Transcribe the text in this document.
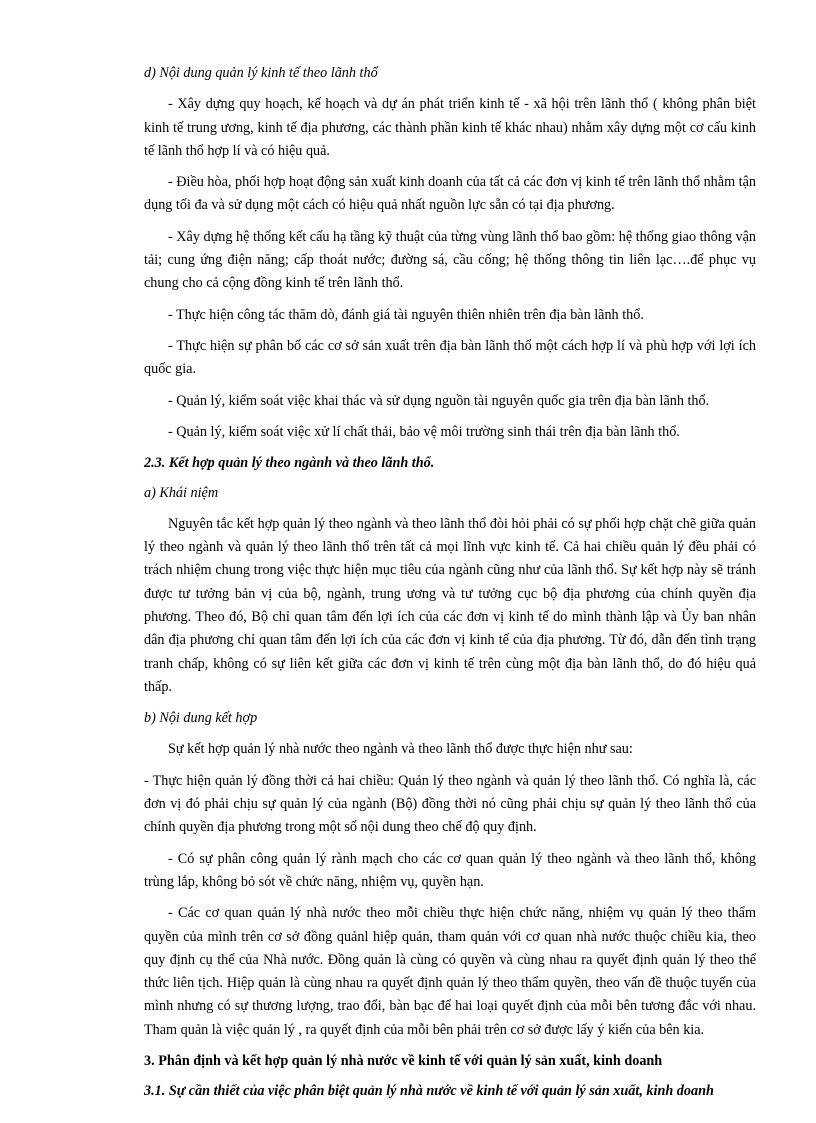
d) Nội dung quản lý kinh tế theo lãnh thổ

- Xây dựng quy hoạch, kế hoạch và dự án phát triển kinh tế - xã hội trên lãnh thổ ( không phân biệt kinh tế trung ương, kinh tế địa phương, các thành phần kinh tế khác nhau) nhằm xây dựng một cơ cấu kinh tế lãnh thổ hợp lí và có hiệu quả.

- Điều hòa, phối hợp hoạt động sản xuất kinh doanh của tất cả các đơn vị kinh tế trên lãnh thổ nhằm tận dụng tối đa và sử dụng một cách có hiệu quả nhất nguồn lực sẵn có tại địa phương.

- Xây dựng hệ thống kết cấu hạ tầng kỹ thuật của từng vùng lãnh thổ bao gồm: hệ thống giao thông vận tải; cung ứng điện năng; cấp thoát nước; đường sá, cầu cống; hệ thống thông tin liên lạc….để phục vụ chung cho cả cộng đồng kinh tế trên lãnh thổ.

- Thực hiện công tác thăm dò, đánh giá tài nguyên thiên nhiên trên địa bàn lãnh thổ.

- Thực hiện sự phân bố các cơ sở sản xuất trên địa bàn lãnh thổ một cách hợp lí và phù hợp với lợi ích quốc gia.

- Quản lý, kiểm soát việc khai thác và sử dụng nguồn tài nguyên quốc gia trên địa bàn lãnh thổ.

- Quản lý, kiểm soát việc xử lí chất thải, bảo vệ môi trường sinh thái trên địa bàn lãnh thổ.

2.3. Kết hợp quản lý theo ngành và theo lãnh thổ.

a) Khái niệm

Nguyên tắc kết hợp quản lý theo ngành và theo lãnh thổ đòi hỏi phải có sự phối hợp chặt chẽ giữa quản lý theo ngành và quản lý theo lãnh thổ trên tất cả mọi lĩnh vực kinh tế. Cả hai chiều quản lý đều phải có trách nhiệm chung trong việc thực hiện mục tiêu của ngành cũng như của lãnh thổ. Sự kết hợp này sẽ tránh được tư tưởng bản vị của bộ, ngành, trung ương và tư tưởng cục bộ địa phương của chính quyền địa phương. Theo đó, Bộ chỉ quan tâm đến lợi ích của các đơn vị kinh tế do mình thành lập và Ủy ban nhân dân địa phương chỉ quan tâm đến lợi ích của các đơn vị kinh tế của địa phương. Từ đó, dẫn đến tình trạng tranh chấp, không có sự liên kết giữa các đơn vị kinh tế trên cùng một địa bàn lãnh thổ, do đó hiệu quả thấp.

b) Nội dung kết hợp

Sự kết hợp quản lý nhà nước theo ngành và theo lãnh thổ được thực hiện như sau:

- Thực hiện quản lý đồng thời cả hai chiều: Quản lý theo ngành và quản lý theo lãnh thổ. Có nghĩa là, các đơn vị đó phải chịu sự quản lý của ngành (Bộ) đồng thời nó cũng phải chịu sự quản lý theo lãnh thổ của chính quyền địa phương trong một số nội dung theo chế độ quy định.

- Có sự phân công quản lý rành mạch cho các cơ quan quản lý theo ngành và theo lãnh thổ, không trùng lắp, không bỏ sót về chức năng, nhiệm vụ, quyền hạn.

- Các cơ quan quản lý nhà nước theo mỗi chiều thực hiện chức năng, nhiệm vụ quản lý theo thẩm quyền của mình trên cơ sở đồng quảnl hiệp quản, tham quản với cơ quan nhà nước thuộc chiều kia, theo quy định cụ thể của Nhà nước. Đồng quản là cùng có quyền và cùng nhau ra quyết định quản lý theo thể thức liên tịch. Hiệp quản là cùng nhau ra quyết định quản lý theo thẩm quyền, theo vấn đề thuộc tuyến của mình nhưng có sự thương lượng, trao đổi, bàn bạc để hai loại quyết định của mỗi bên tương đắc với nhau. Tham quản là việc quản lý , ra quyết định của mỗi bên phải trên cơ sở được lấy ý kiến của bên kia.

3. Phân định và kết hợp quản lý nhà nước về kinh tế với quản lý sản xuất, kinh doanh

3.1. Sự cần thiết của việc phân biệt quản lý nhà nước về kinh tế với quản lý sản xuất, kinh doanh
